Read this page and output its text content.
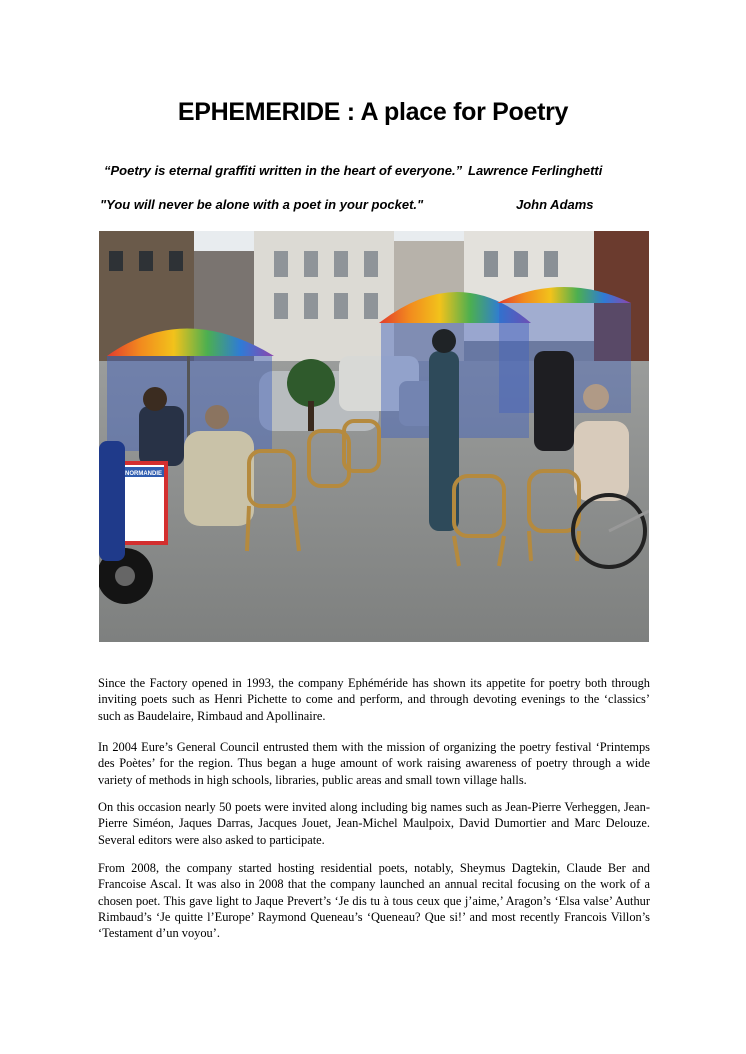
EPHEMERIDE : A place for Poetry
“Poetry is eternal graffiti written in the heart of everyone.” Lawrence Ferlinghetti
"You will never be alone with a poet in your pocket."	John Adams
NORMANDIE

Since the Factory opened in 1993, the company Ephéméride has shown its appetite for poetry both through inviting poets such as Henri Pichette to come and perform, and through devoting evenings to the ‘classics’ such as Baudelaire, Rimbaud and Apollinaire.

In 2004 Eure’s General Council entrusted them with the mission of organizing the poetry festival ‘Printemps des Poètes’ for the region. Thus began a huge amount of work raising awareness of poetry through a wide variety of methods in high schools, libraries, public areas and small town village halls.

On this occasion nearly 50 poets were invited along including big names such as Jean-Pierre Verheggen, Jean-Pierre Siméon, Jaques Darras, Jacques Jouet, Jean-Michel Maulpoix, David Dumortier and Marc Delouze. Several editors were also asked to participate.

From 2008, the company started hosting residential poets, notably, Sheymus Dagtekin, Claude Ber and Francoise Ascal. It was also in 2008 that the company launched an annual recital focusing on the work of a chosen poet. This gave light to Jaque Prevert’s ‘Je dis tu à tous ceux que j’aime,’ Aragon’s ‘Elsa valse’ Authur Rimbaud’s ‘Je quitte l’Europe’ Raymond Queneau’s ‘Queneau? Que si!’ and most recently Francois Villon’s ‘Testament d’un voyou’.
